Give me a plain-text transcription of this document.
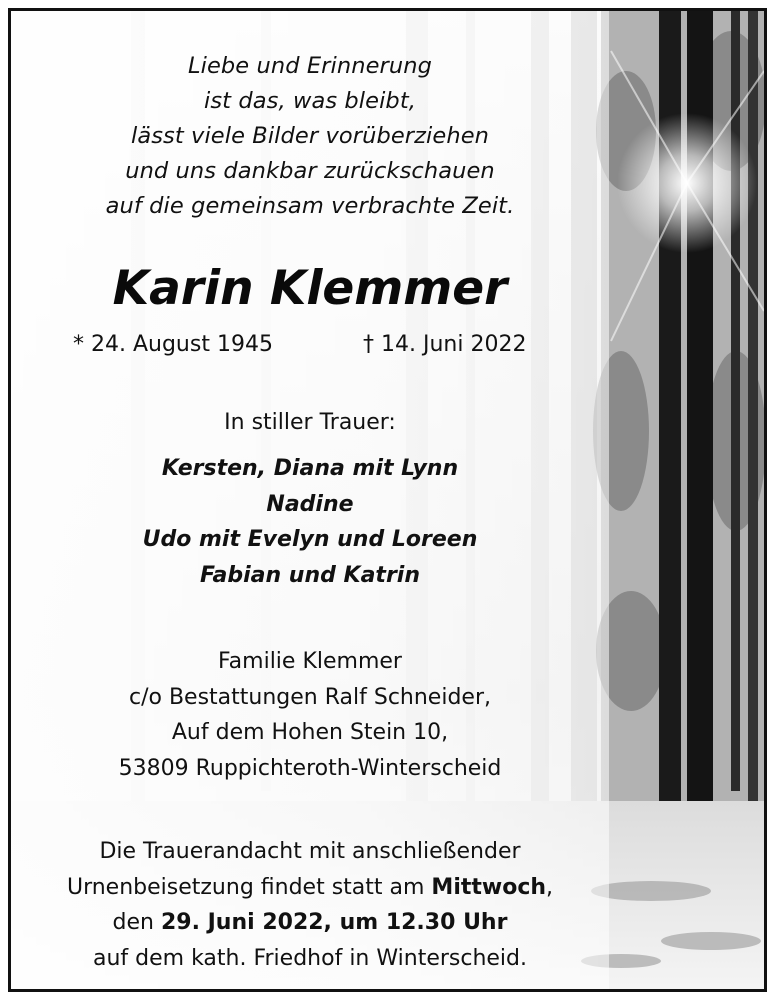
Liebe und Erinnerung
ist das, was bleibt,
lässt viele Bilder vorüberziehen
und uns dankbar zurückschauen
auf die gemeinsam verbrachte Zeit.
Karin Klemmer
* 24. August 1945	† 14. Juni 2022
In stiller Trauer:
Kersten, Diana mit Lynn
Nadine
Udo mit Evelyn und Loreen
Fabian und Katrin
Familie Klemmer
c/o Bestattungen Ralf Schneider,
Auf dem Hohen Stein 10,
53809 Ruppichteroth-Winterscheid
Die Trauerandacht mit anschließender
Urnenbeisetzung findet statt am Mittwoch,
den 29. Juni 2022, um 12.30 Uhr
auf dem kath. Friedhof in Winterscheid.
